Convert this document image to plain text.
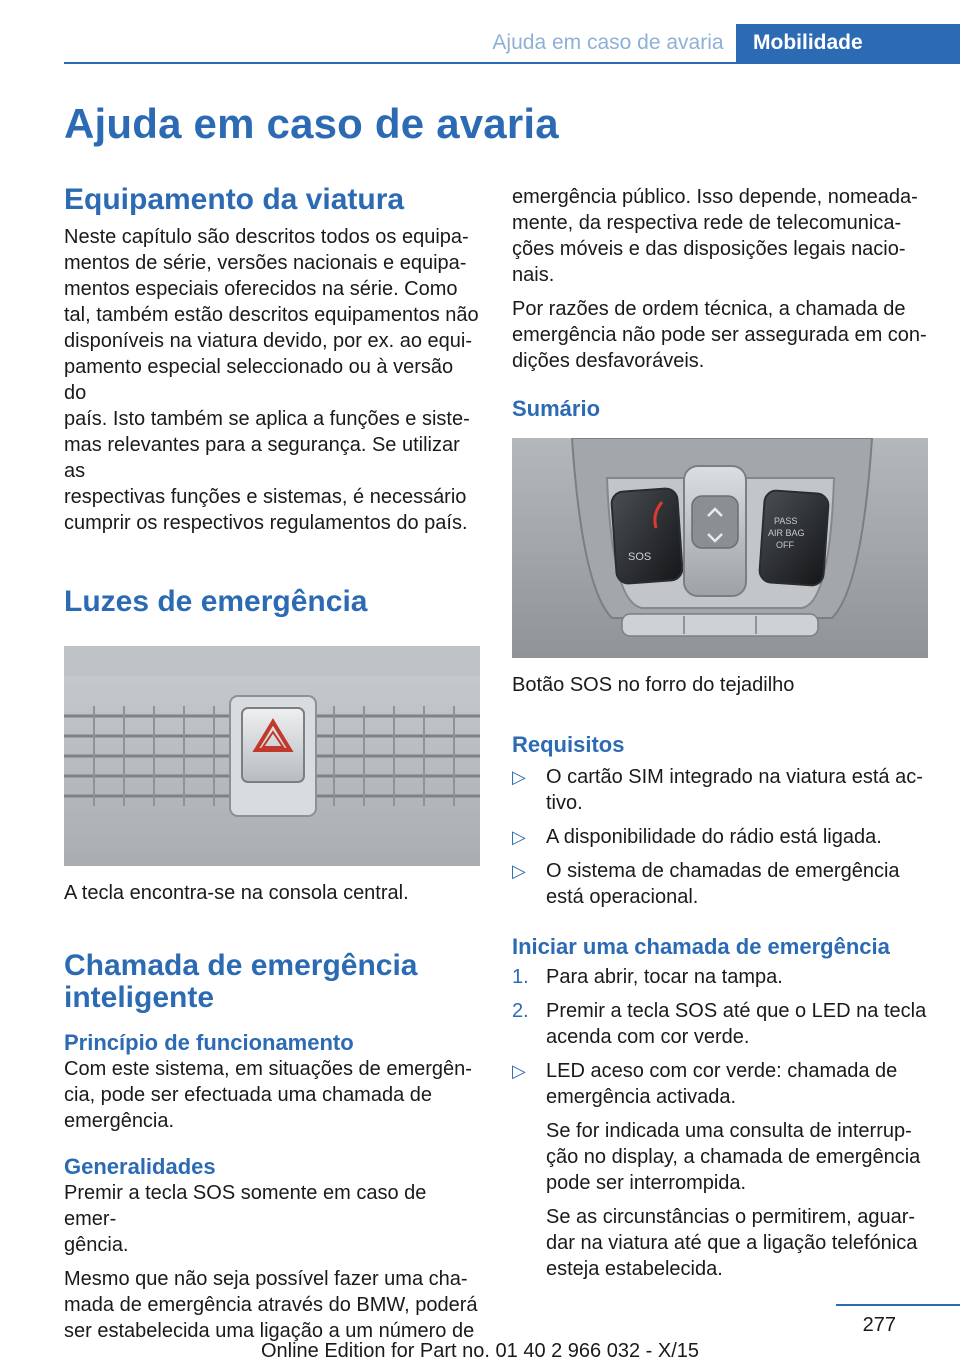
Ajuda em caso de avaria	Mobilidade
Ajuda em caso de avaria
Equipamento da viatura

Neste capítulo são descritos todos os equipa‐
mentos de série, versões nacionais e equipa‐
mentos especiais oferecidos na série. Como
tal, também estão descritos equipamentos não
disponíveis na viatura devido, por ex. ao equi‐
pamento especial seleccionado ou à versão do
país. Isto também se aplica a funções e siste‐
mas relevantes para a segurança. Se utilizar as
respectivas funções e sistemas, é necessário
cumprir os respectivos regulamentos do país.

Luzes de emergência

A tecla encontra-se na consola central.

Chamada de emergência
inteligente
Princípio de funcionamento

Com este sistema, em situações de emergên‐
cia, pode ser efectuada uma chamada de
emergência.

Generalidades

Premir a tecla SOS somente em caso de emer‐
gência.

Mesmo que não seja possível fazer uma cha‐
mada de emergência através do BMW, poderá
ser estabelecida uma ligação a um número de

emergência público. Isso depende, nomeada‐
mente, da respectiva rede de telecomunica‐
ções móveis e das disposições legais nacio‐
nais.

Por razões de ordem técnica, a chamada de
emergência não pode ser assegurada em con‐
dições desfavoráveis.

Sumário
SOS
PASS
AIR BAG
OFF

Botão SOS no forro do tejadilho

Requisitos
▷ O cartão SIM integrado na viatura está ac‐
tivo.
▷ A disponibilidade do rádio está ligada.
▷ O sistema de chamadas de emergência
está operacional.
Iniciar uma chamada de emergência
1. Para abrir, tocar na tampa.
2. Premir a tecla SOS até que o LED na tecla
acenda com cor verde.
▷ LED aceso com cor verde: chamada de
emergência activada.
Se for indicada uma consulta de interrup‐
ção no display, a chamada de emergência
pode ser interrompida.
Se as circunstâncias o permitirem, aguar‐
dar na viatura até que a ligação telefónica
esteja estabelecida.
277
Online Edition for Part no. 01 40 2 966 032 - X/15
